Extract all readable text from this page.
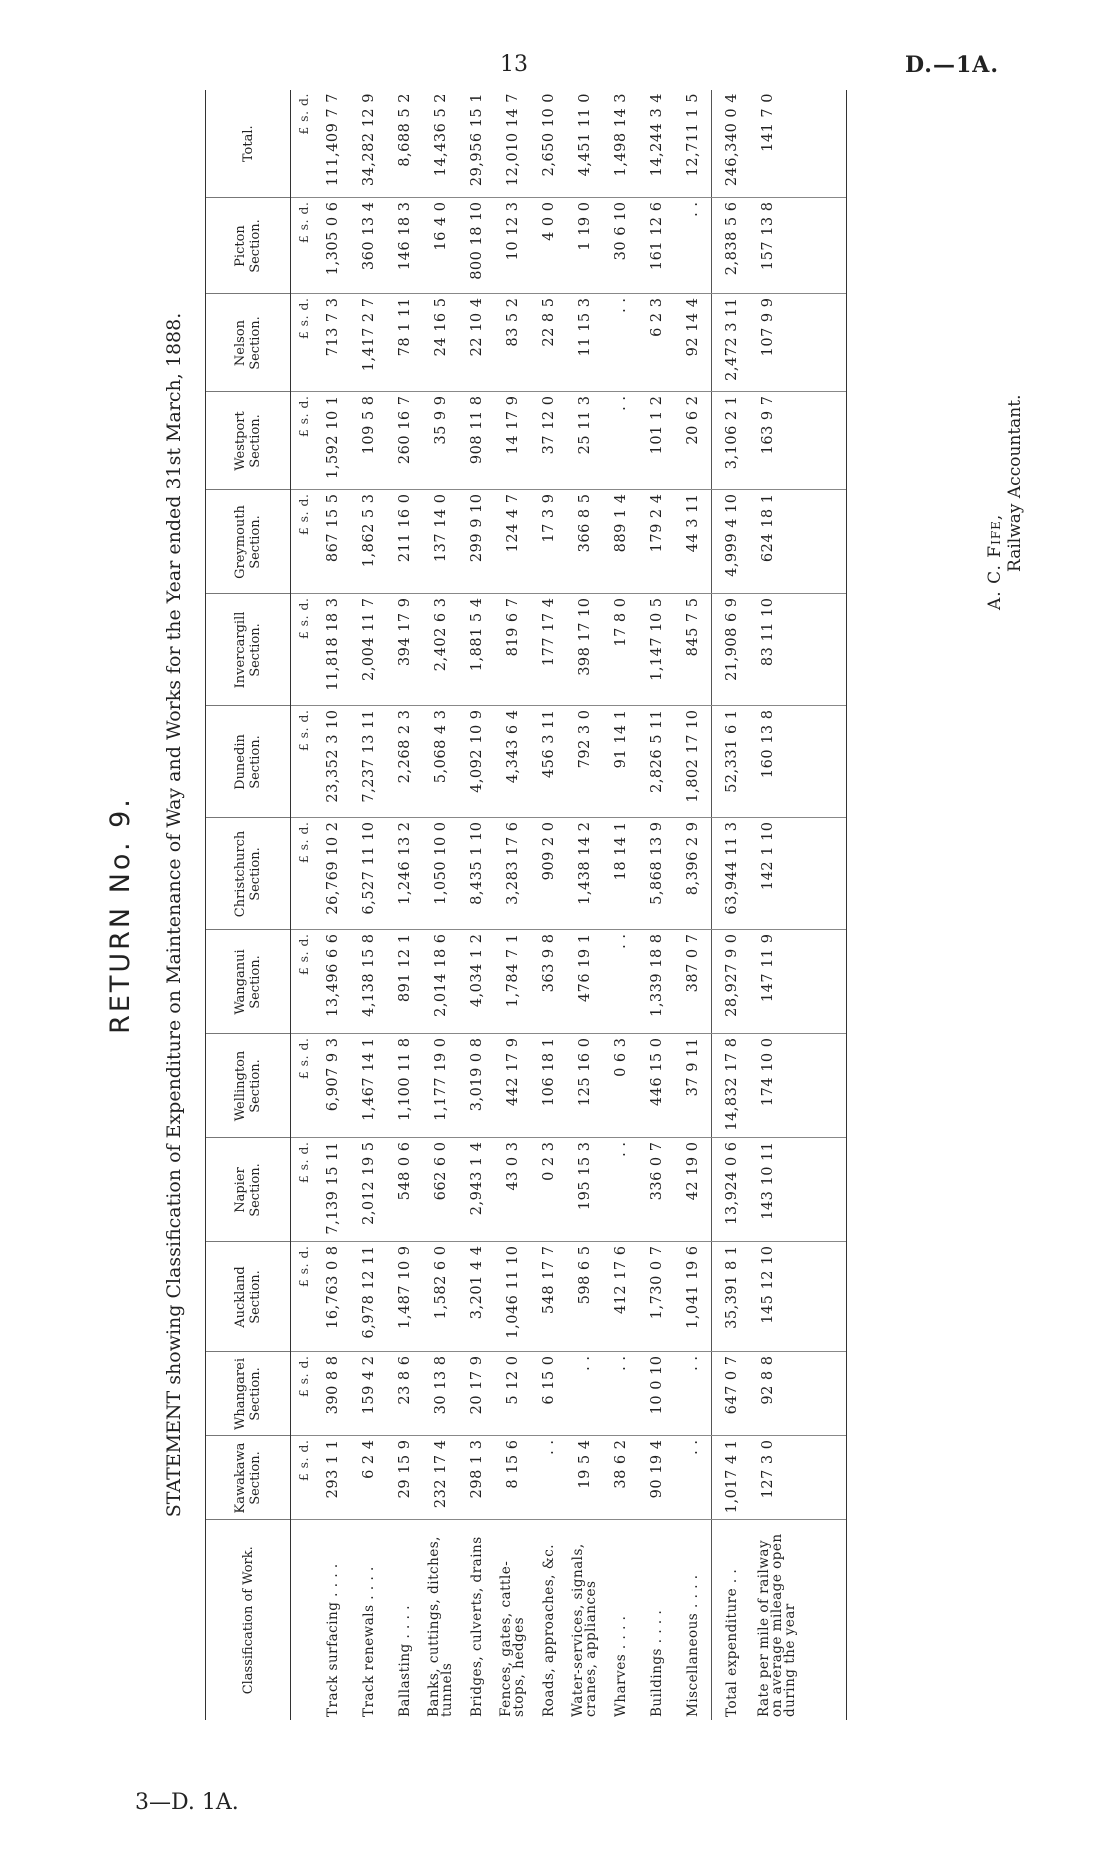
13	D.—1A.
3—D. 1A.
RETURN No. 9. STATEMENT showing Classification of Expenditure on Maintenance of Way and Works for the Year ended 31st March, 1888.
Classification of Work.	Kawakawa Section.	Whangarei Section.	Auckland Section.	Napier Section.	Wellington Section.	Wanganui Section.	Christchurch Section.	Dunedin Section.	Invercargill Section.	Greymouth Section.	Westport Section.	Nelson Section.	Picton Section.	Total.
	£ s. d.	£ s. d.	£ s. d.	£ s. d.	£ s. d.	£ s. d.	£ s. d.	£ s. d.	£ s. d.	£ s. d.	£ s. d.	£ s. d.	£ s. d.	£ s. d.
Track surfacing . . . .	293 1 1	390 8 8	16,763 0 8	7,139 15 11	6,907 9 3	13,496 6 6	26,769 10 2	23,352 3 10	11,818 18 3	867 15 5	1,592 10 1	713 7 3	1,305 0 6	111,409 7 7
Track renewals . . . .	6 2 4	159 4 2	6,978 12 11	2,012 19 5	1,467 14 1	4,138 15 8	6,527 11 10	7,237 13 11	2,004 11 7	1,862 5 3	109 5 8	1,417 2 7	360 13 4	34,282 12 9
Ballasting . . . .	29 15 9	23 8 6	1,487 10 9	548 0 6	1,100 11 8	891 12 1	1,246 13 2	2,268 2 3	394 17 9	211 16 0	260 16 7	78 1 11	146 18 3	8,688 5 2
Banks, cuttings, ditches, tunnels	232 17 4	30 13 8	1,582 6 0	662 6 0	1,177 19 0	2,014 18 6	1,050 10 0	5,068 4 3	2,402 6 3	137 14 0	35 9 9	24 16 5	16 4 0	14,436 5 2
Bridges, culverts, drains	298 1 3	20 17 9	3,201 4 4	2,943 1 4	3,019 0 8	4,034 1 2	8,435 1 10	4,092 10 9	1,881 5 4	299 9 10	908 11 8	22 10 4	800 18 10	29,956 15 1
Fences, gates, cattle-stops, hedges	8 15 6	5 12 0	1,046 11 10	43 0 3	442 17 9	1,784 7 1	3,283 17 6	4,343 6 4	819 6 7	124 4 7	14 17 9	83 5 2	10 12 3	12,010 14 7
Roads, approaches, &c.	. .	6 15 0	548 17 7	0 2 3	106 18 1	363 9 8	909 2 0	456 3 11	177 17 4	17 3 9	37 12 0	22 8 5	4 0 0	2,650 10 0
Water-services, signals, cranes, appliances	19 5 4	. .	598 6 5	195 15 3	125 16 0	476 19 1	1,438 14 2	792 3 0	398 17 10	366 8 5	25 11 3	11 15 3	1 19 0	4,451 11 0
Wharves . . . .	38 6 2	. .	412 17 6	. .	0 6 3	. .	18 14 1	91 14 1	17 8 0	889 1 4	. .	. .	30 6 10	1,498 14 3
Buildings . . . .	90 19 4	10 0 10	1,730 0 7	336 0 7	446 15 0	1,339 18 8	5,868 13 9	2,826 5 11	1,147 10 5	179 2 4	101 1 2	6 2 3	161 12 6	14,244 3 4
Miscellaneous . . . .	. .	. .	1,041 19 6	42 19 0	37 9 11	387 0 7	8,396 2 9	1,802 17 10	845 7 5	44 3 11	20 6 2	92 14 4	. .	12,711 1 5
Total expenditure . .	1,017 4 1	647 0 7	35,391 8 1	13,924 0 6	14,832 17 8	28,927 9 0	63,944 11 3	52,331 6 1	21,908 6 9	4,999 4 10	3,106 2 1	2,472 3 11	2,838 5 6	246,340 0 4
Rate per mile of railway on average mileage open during the year	127 3 0	92 8 8	145 12 10	143 10 11	174 10 0	147 11 9	142 1 10	160 13 8	83 11 10	624 18 1	163 9 7	107 9 9	157 13 8	141 7 0
A. C. Fife, Railway Accountant.
